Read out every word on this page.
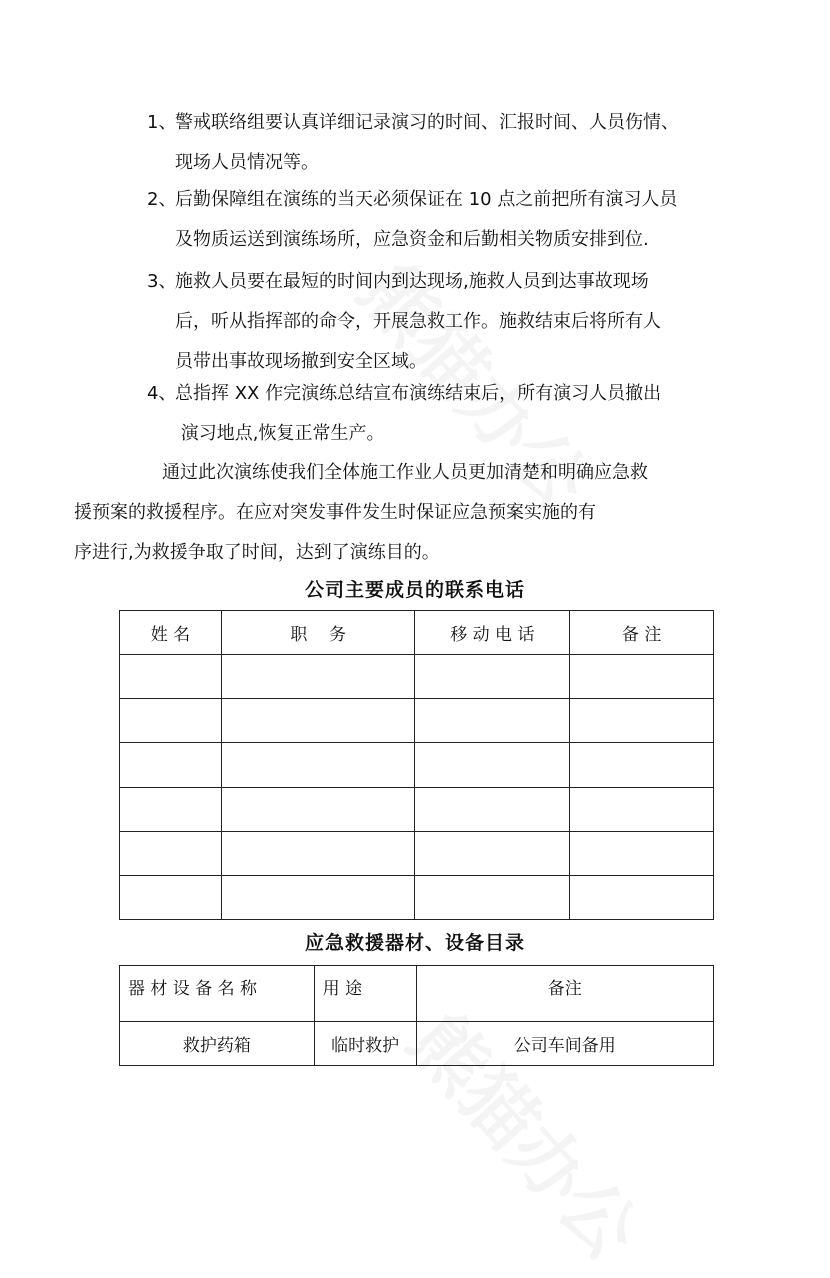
1、
警戒联络组要认真详细记录演习的时间、汇报时间、人员伤情、
现场人员情况等。
2、
后勤保障组在演练的当天必须保证在 10 点之前把所有演习人员
及物质运送到演练场所，应急资金和后勤相关物质安排到位.
3、
施救人员要在最短的时间内到达现场,施救人员到达事故现场
后，听从指挥部的命令，开展急救工作。施救结束后将所有人
员带出事故现场撤到安全区域。
4、
总指挥 XX 作完演练总结宣布演练结束后，所有演习人员撤出
演习地点,恢复正常生产。
通过此次演练使我们全体施工作业人员更加清楚和明确应急救
援预案的救援程序。在应对突发事件发生时保证应急预案实施的有
序进行,为救援争取了时间，达到了演练目的。
公司主要成员的联系电话
姓 名	职    务	移 动 电 话	备 注

应急救援器材、设备目录
器 材 设 备 名 称	用 途	备注
救护药箱	临时救护	公司车间备用
